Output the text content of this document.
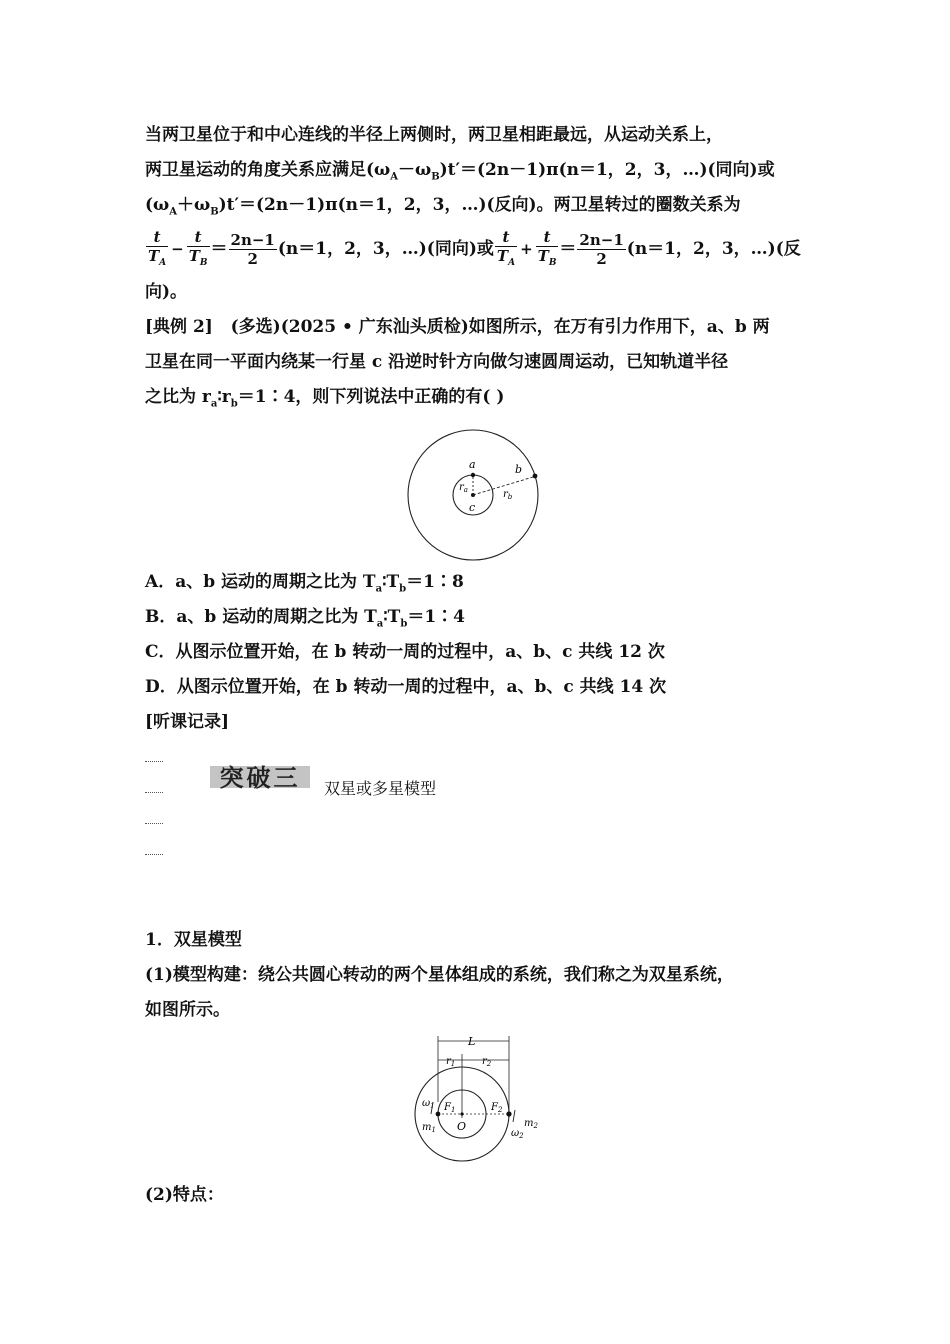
当两卫星位于和中心连线的半径上两侧时，两卫星相距最远，从运动关系上，
两卫星运动的角度关系应满足$(\omega_A-\omega_B)t'=(2n-1)\pi(n=1$，2，3，…)(同向)或
$(\omega_A+\omega_B)t'=(2n-1)\pi(n=1$，2，3，…)(反向)。两卫星转过的圈数关系为
$\frac{t}{T_A} - \frac{t}{T_B} = \frac{2n-1}{2} (n=1$，2，3，…)(同向)或 $\frac{t}{T_A} + \frac{t}{T_B} = \frac{2n-1}{2} (n=1$，2，3，…)(反
向)。
[典例 2] (多选)(2025 • 广东汕头质检)如图所示，在万有引力作用下，a、b 两
卫星在同一平面内绕某一行星 c 沿逆时针方向做匀速圆周运动，已知轨道半径
之比为 $r_a∶r_b=1∶4$，则下列说法中正确的有( )
a	b
c
$r_a$	$r_b$
A．a、b 运动的周期之比为 $T_a∶T_b=1∶8$
B．a、b 运动的周期之比为 $T_a∶T_b=1∶4$
C．从图示位置开始，在 b 转动一周的过程中，a、b、c 共线 12 次
D．从图示位置开始，在 b 转动一周的过程中，a、b、c 共线 14 次
[听课记录]
突破三	双星或多星模型
1．双星模型
(1)模型构建：绕公共圆心转动的两个星体组成的系统，我们称之为双星系统，
如图所示。
L
$r_1$	$r_2$
$F_1$	$F_2$
O
$\omega_1$
$m_1$	$\omega_2$
$m_2$
(2)特点：
